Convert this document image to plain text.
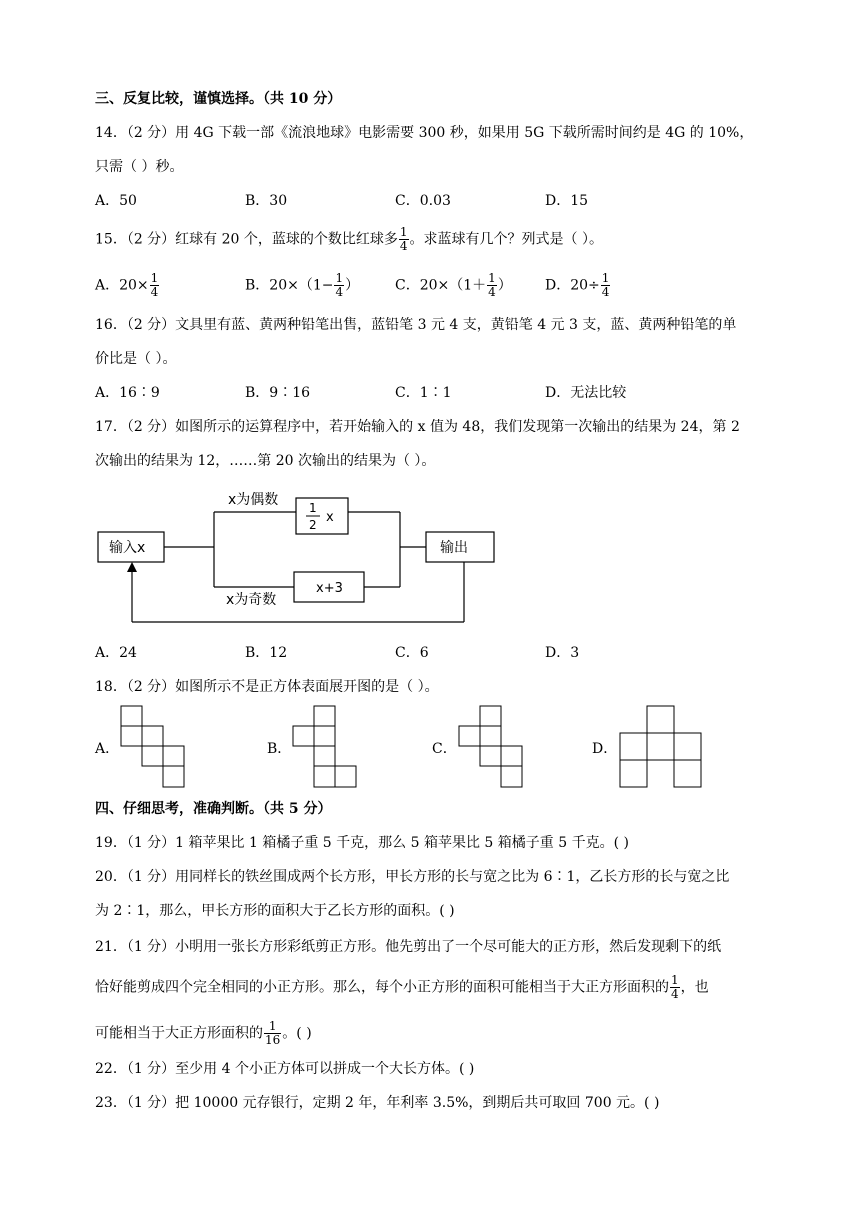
三、反复比较，谨慎选择。（共 10 分）
14．（2 分）用 4G 下载一部《流浪地球》电影需要 300 秒，如果用 5G 下载所需时间约是 4G 的 10%，
只需（ ）秒。
A．50	B．30	C．0.03	D．15
15．（2 分）红球有 20 个，蓝球的个数比红球多 $\frac{1}{4}$ 。求蓝球有几个？列式是（ ）。
A．$20\times \frac{1}{4}$	B．$20\times(1- \frac{1}{4}$ ）	C．$20\times(1+ \frac{1}{4}$ ） D．$20\div \frac{1}{4}$
16．（2 分）文具里有蓝、黄两种铅笔出售，蓝铅笔 3 元 4 支，黄铅笔 4 元 3 支，蓝、黄两种铅笔的单
价比是（ ）。
A．16∶9	B．9∶16	C．1∶1	D．无法比较
17．（2 分）如图所示的运算程序中，若开始输入的 x 值为 48，我们发现第一次输出的结果为 24，第 2
次输出的结果为 12，……第 20 次输出的结果为（ ）。
输入x	输出
x为偶数
x为奇数
1
2 x
x+3
A．24	B．12	C．6	D．3
18．（2 分）如图所示不是正方体表面展开图的是（ ）。
A．	B．	C．	D．
四、仔细思考，准确判断。（共 5 分）
19．（1 分）1 箱苹果比 1 箱橘子重 5 千克，那么 5 箱苹果比 5 箱橘子重 5 千克。( )
20．（1 分）用同样长的铁丝围成两个长方形，甲长方形的长与宽之比为 6∶1，乙长方形的长与宽之比
为 2∶1，那么，甲长方形的面积大于乙长方形的面积。( )
21．（1 分）小明用一张长方形彩纸剪正方形。他先剪出了一个尽可能大的正方形，然后发现剩下的纸
恰好能剪成四个完全相同的小正方形。那么，每个小正方形的面积可能相当于大正方形面积的 $\frac{1}{4}$ ，也
可能相当于大正方形面积的 $\frac{1}{16}$ 。( )
22．（1 分）至少用 4 个小正方体可以拼成一个大长方体。( )
23．（1 分）把 10000 元存银行，定期 2 年，年利率 3.5%，到期后共可取回 700 元。( )
